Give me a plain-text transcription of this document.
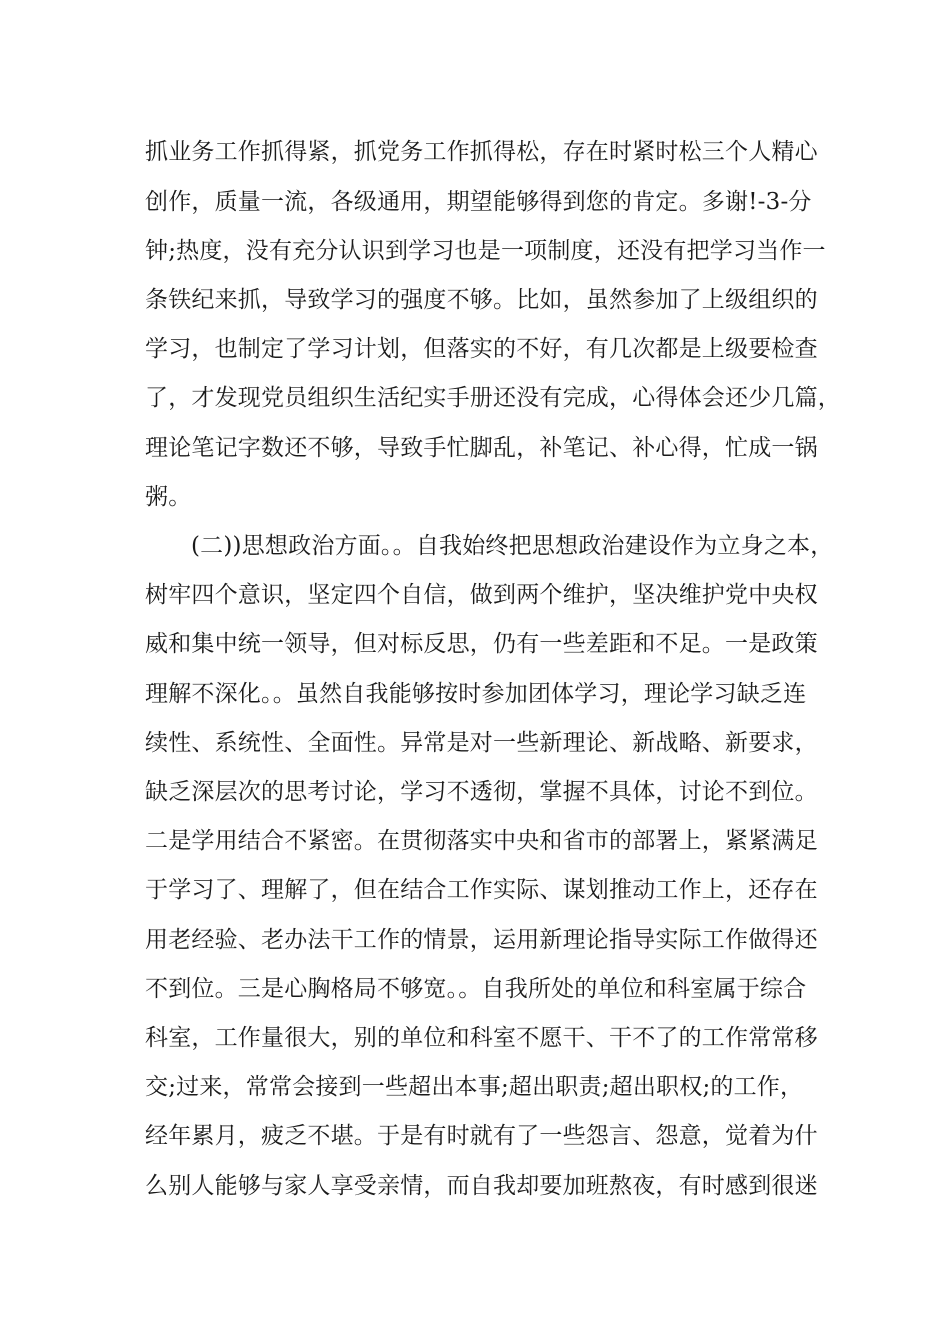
抓业务工作抓得紧，抓党务工作抓得松，存在时紧时松三个人精心
创作，质量一流，各级通用，期望能够得到您的肯定。多谢!-3-分
钟;热度，没有充分认识到学习也是一项制度，还没有把学习当作一
条铁纪来抓，导致学习的强度不够。比如，虽然参加了上级组织的
学习，也制定了学习计划，但落实的不好，有几次都是上级要检查
了，才发现党员组织生活纪实手册还没有完成，心得体会还少几篇，
理论笔记字数还不够，导致手忙脚乱，补笔记、补心得，忙成一锅
粥。
(二))思想政治方面。。自我始终把思想政治建设作为立身之本，
树牢四个意识，坚定四个自信，做到两个维护，坚决维护党中央权
威和集中统一领导，但对标反思，仍有一些差距和不足。一是政策
理解不深化。。虽然自我能够按时参加团体学习，理论学习缺乏连
续性、系统性、全面性。异常是对一些新理论、新战略、新要求，
缺乏深层次的思考讨论，学习不透彻，掌握不具体，讨论不到位。
二是学用结合不紧密。在贯彻落实中央和省市的部署上，紧紧满足
于学习了、理解了，但在结合工作实际、谋划推动工作上，还存在
用老经验、老办法干工作的情景，运用新理论指导实际工作做得还
不到位。三是心胸格局不够宽。。自我所处的单位和科室属于综合
科室，工作量很大，别的单位和科室不愿干、干不了的工作常常移
交;过来，常常会接到一些超出本事;超出职责;超出职权;的工作，
经年累月，疲乏不堪。于是有时就有了一些怨言、怨意，觉着为什
么别人能够与家人享受亲情，而自我却要加班熬夜，有时感到很迷
